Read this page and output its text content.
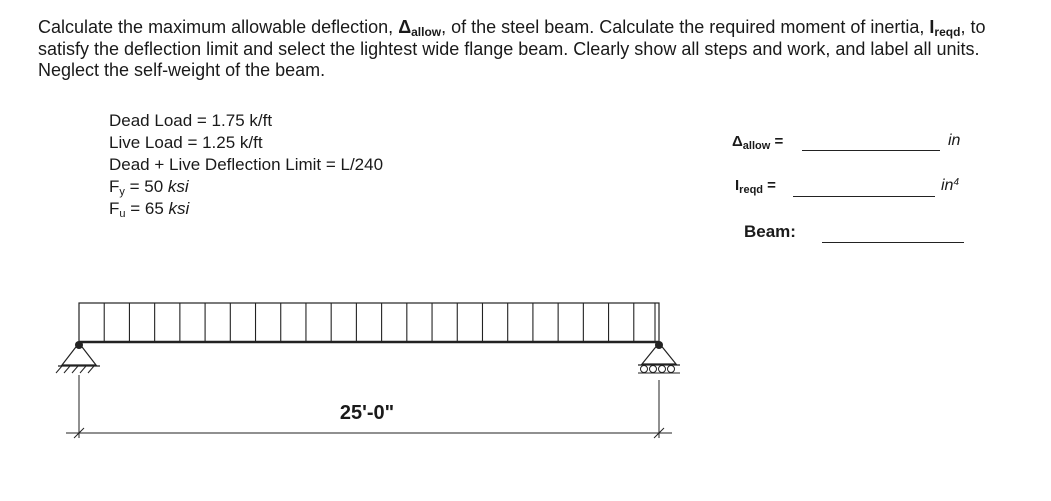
Calculate the maximum allowable deflection, $\Delta_{allow}$, of the steel beam. Calculate the required moment of inertia, $I_{reqd}$, to satisfy the deflection limit and select the lightest wide flange beam. Clearly show all steps and work, and label all units. Neglect the self-weight of the beam.
Dead Load = 1.75 k/ft
Live Load = 1.25 k/ft
Dead + Live Deflection Limit = L/240
$F_y = 50$ ksi
$F_u = 65$ ksi
$\Delta_{allow}$ =	in
$I_{reqd}$ =	$in^4$
Beam:
25'-0"
